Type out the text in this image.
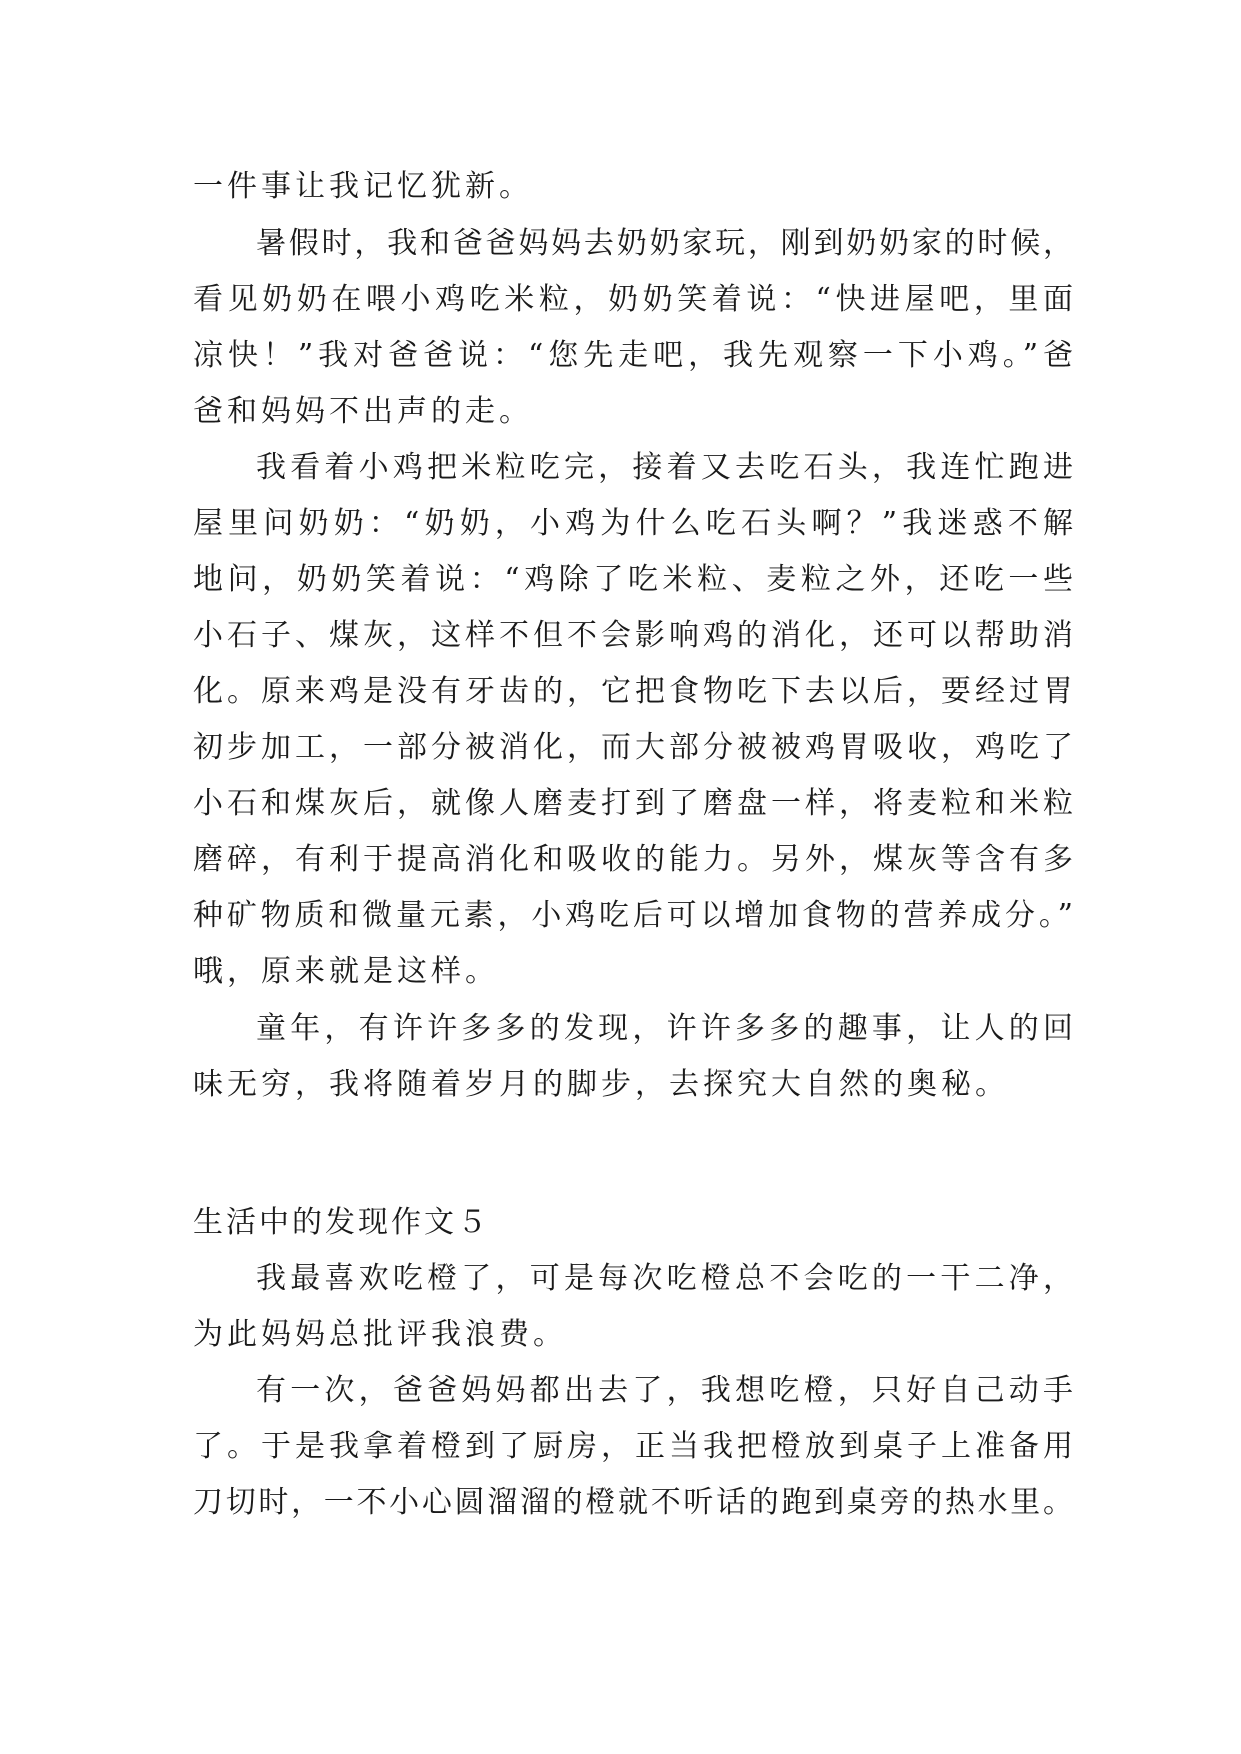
一件事让我记忆犹新。

暑假时，我和爸爸妈妈去奶奶家玩，刚到奶奶家的时候，

看见奶奶在喂小鸡吃米粒，奶奶笑着说：“快进屋吧，里面

凉快！”我对爸爸说：“您先走吧，我先观察一下小鸡。”爸

爸和妈妈不出声的走。

我看着小鸡把米粒吃完，接着又去吃石头，我连忙跑进

屋里问奶奶：“奶奶，小鸡为什么吃石头啊？”我迷惑不解

地问，奶奶笑着说：“鸡除了吃米粒、麦粒之外，还吃一些

小石子、煤灰，这样不但不会影响鸡的消化，还可以帮助消

化。原来鸡是没有牙齿的，它把食物吃下去以后，要经过胃

初步加工，一部分被消化，而大部分被被鸡胃吸收，鸡吃了

小石和煤灰后，就像人磨麦打到了磨盘一样，将麦粒和米粒

磨碎，有利于提高消化和吸收的能力。另外，煤灰等含有多

种矿物质和微量元素，小鸡吃后可以增加食物的营养成分。”

哦，原来就是这样。

童年，有许许多多的发现，许许多多的趣事，让人的回

味无穷，我将随着岁月的脚步，去探究大自然的奥秘。

生活中的发现作文５

我最喜欢吃橙了，可是每次吃橙总不会吃的一干二净，

为此妈妈总批评我浪费。

有一次，爸爸妈妈都出去了，我想吃橙，只好自己动手

了。于是我拿着橙到了厨房，正当我把橙放到桌子上准备用

刀切时，一不小心圆溜溜的橙就不听话的跑到桌旁的热水里。
